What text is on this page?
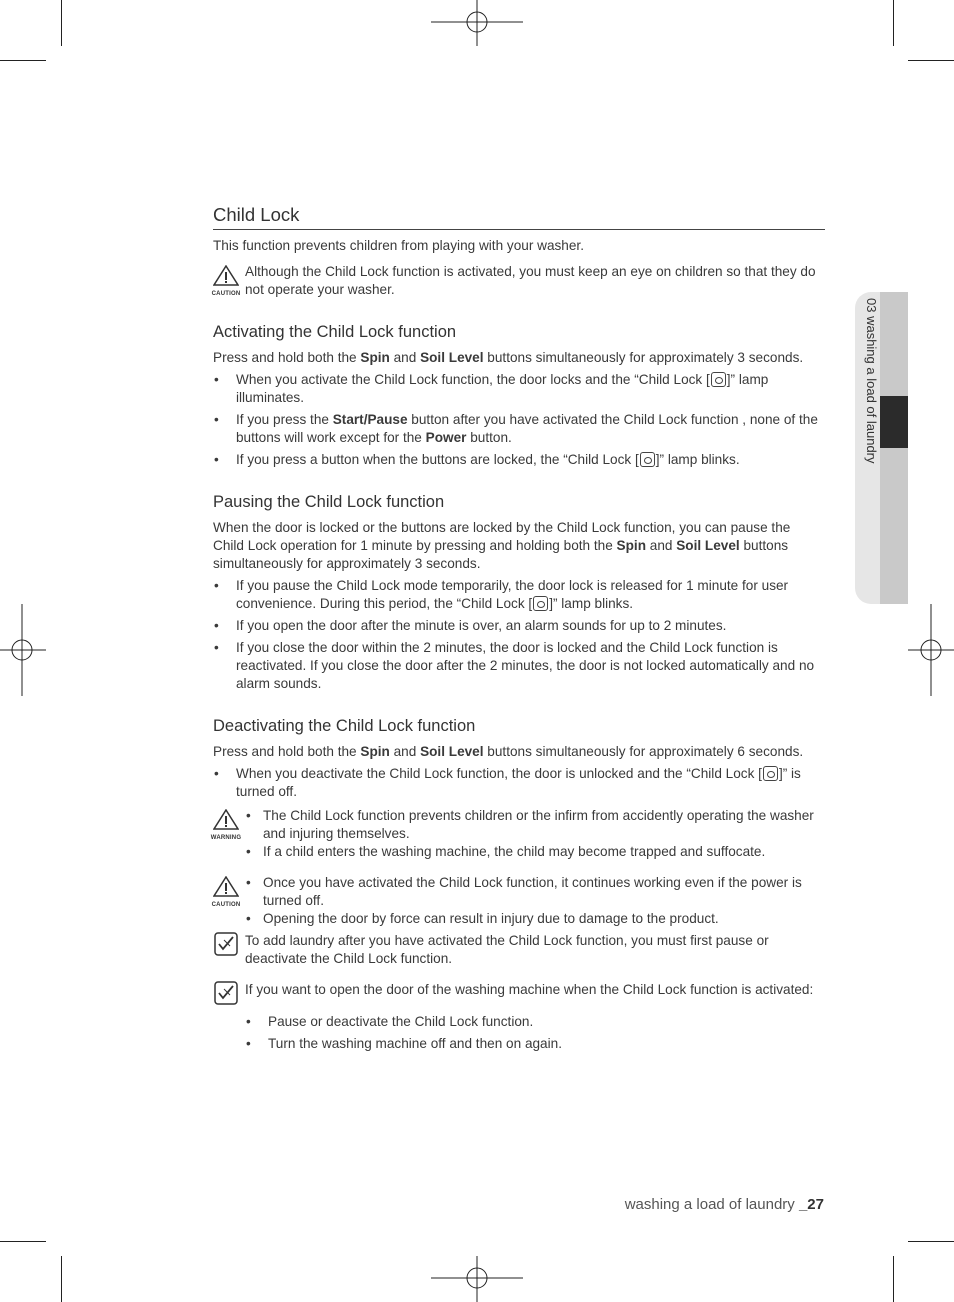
03 washing a load of laundry
Child Lock

This function prevents children from playing with your washer.

CAUTION

Although the Child Lock function is activated, you must keep an eye on children so that they do not operate your washer.

Activating the Child Lock function

Press and hold both the Spin and Soil Level buttons simultaneously for approximately 3 seconds.

• When you activate the Child Lock function, the door locks and the “Child Lock [ ]” lamp illuminates.
• If you press the Start/Pause button after you have activated the Child Lock function , none of the buttons will work except for the Power button.
• If you press a button when the buttons are locked, the “Child Lock [ ]” lamp blinks.
Pausing the Child Lock function

When the door is locked or the buttons are locked by the Child Lock function, you can pause the Child Lock operation for 1 minute by pressing and holding both the Spin and Soil Level buttons simultaneously for approximately 3 seconds.

• If you pause the Child Lock mode temporarily, the door lock is released for 1 minute for user convenience. During this period, the “Child Lock [ ]” lamp blinks.
• If you open the door after the minute is over, an alarm sounds for up to 2 minutes.
• If you close the door within the 2 minutes, the door is locked and the Child Lock function is reactivated. If you close the door after the 2 minutes, the door is not locked automatically and no alarm sounds.
Deactivating the Child Lock function

Press and hold both the Spin and Soil Level buttons simultaneously for approximately 6 seconds.

• When you deactivate the Child Lock function, the door is unlocked and the “Child Lock [ ]” is turned off.
WARNING
• The Child Lock function prevents children or the infirm from accidently operating the washer and injuring themselves.
• If a child enters the washing machine, the child may become trapped and suffocate.
CAUTION
• Once you have activated the Child Lock function, it continues working even if the power is turned off.
• Opening the door by force can result in injury due to damage to the product.

To add laundry after you have activated the Child Lock function, you must first pause or deactivate the Child Lock function.

If you want to open the door of the washing machine when the Child Lock function is activated:

• Pause or deactivate the Child Lock function.
• Turn the washing machine off and then on again.
washing a load of laundry _27
